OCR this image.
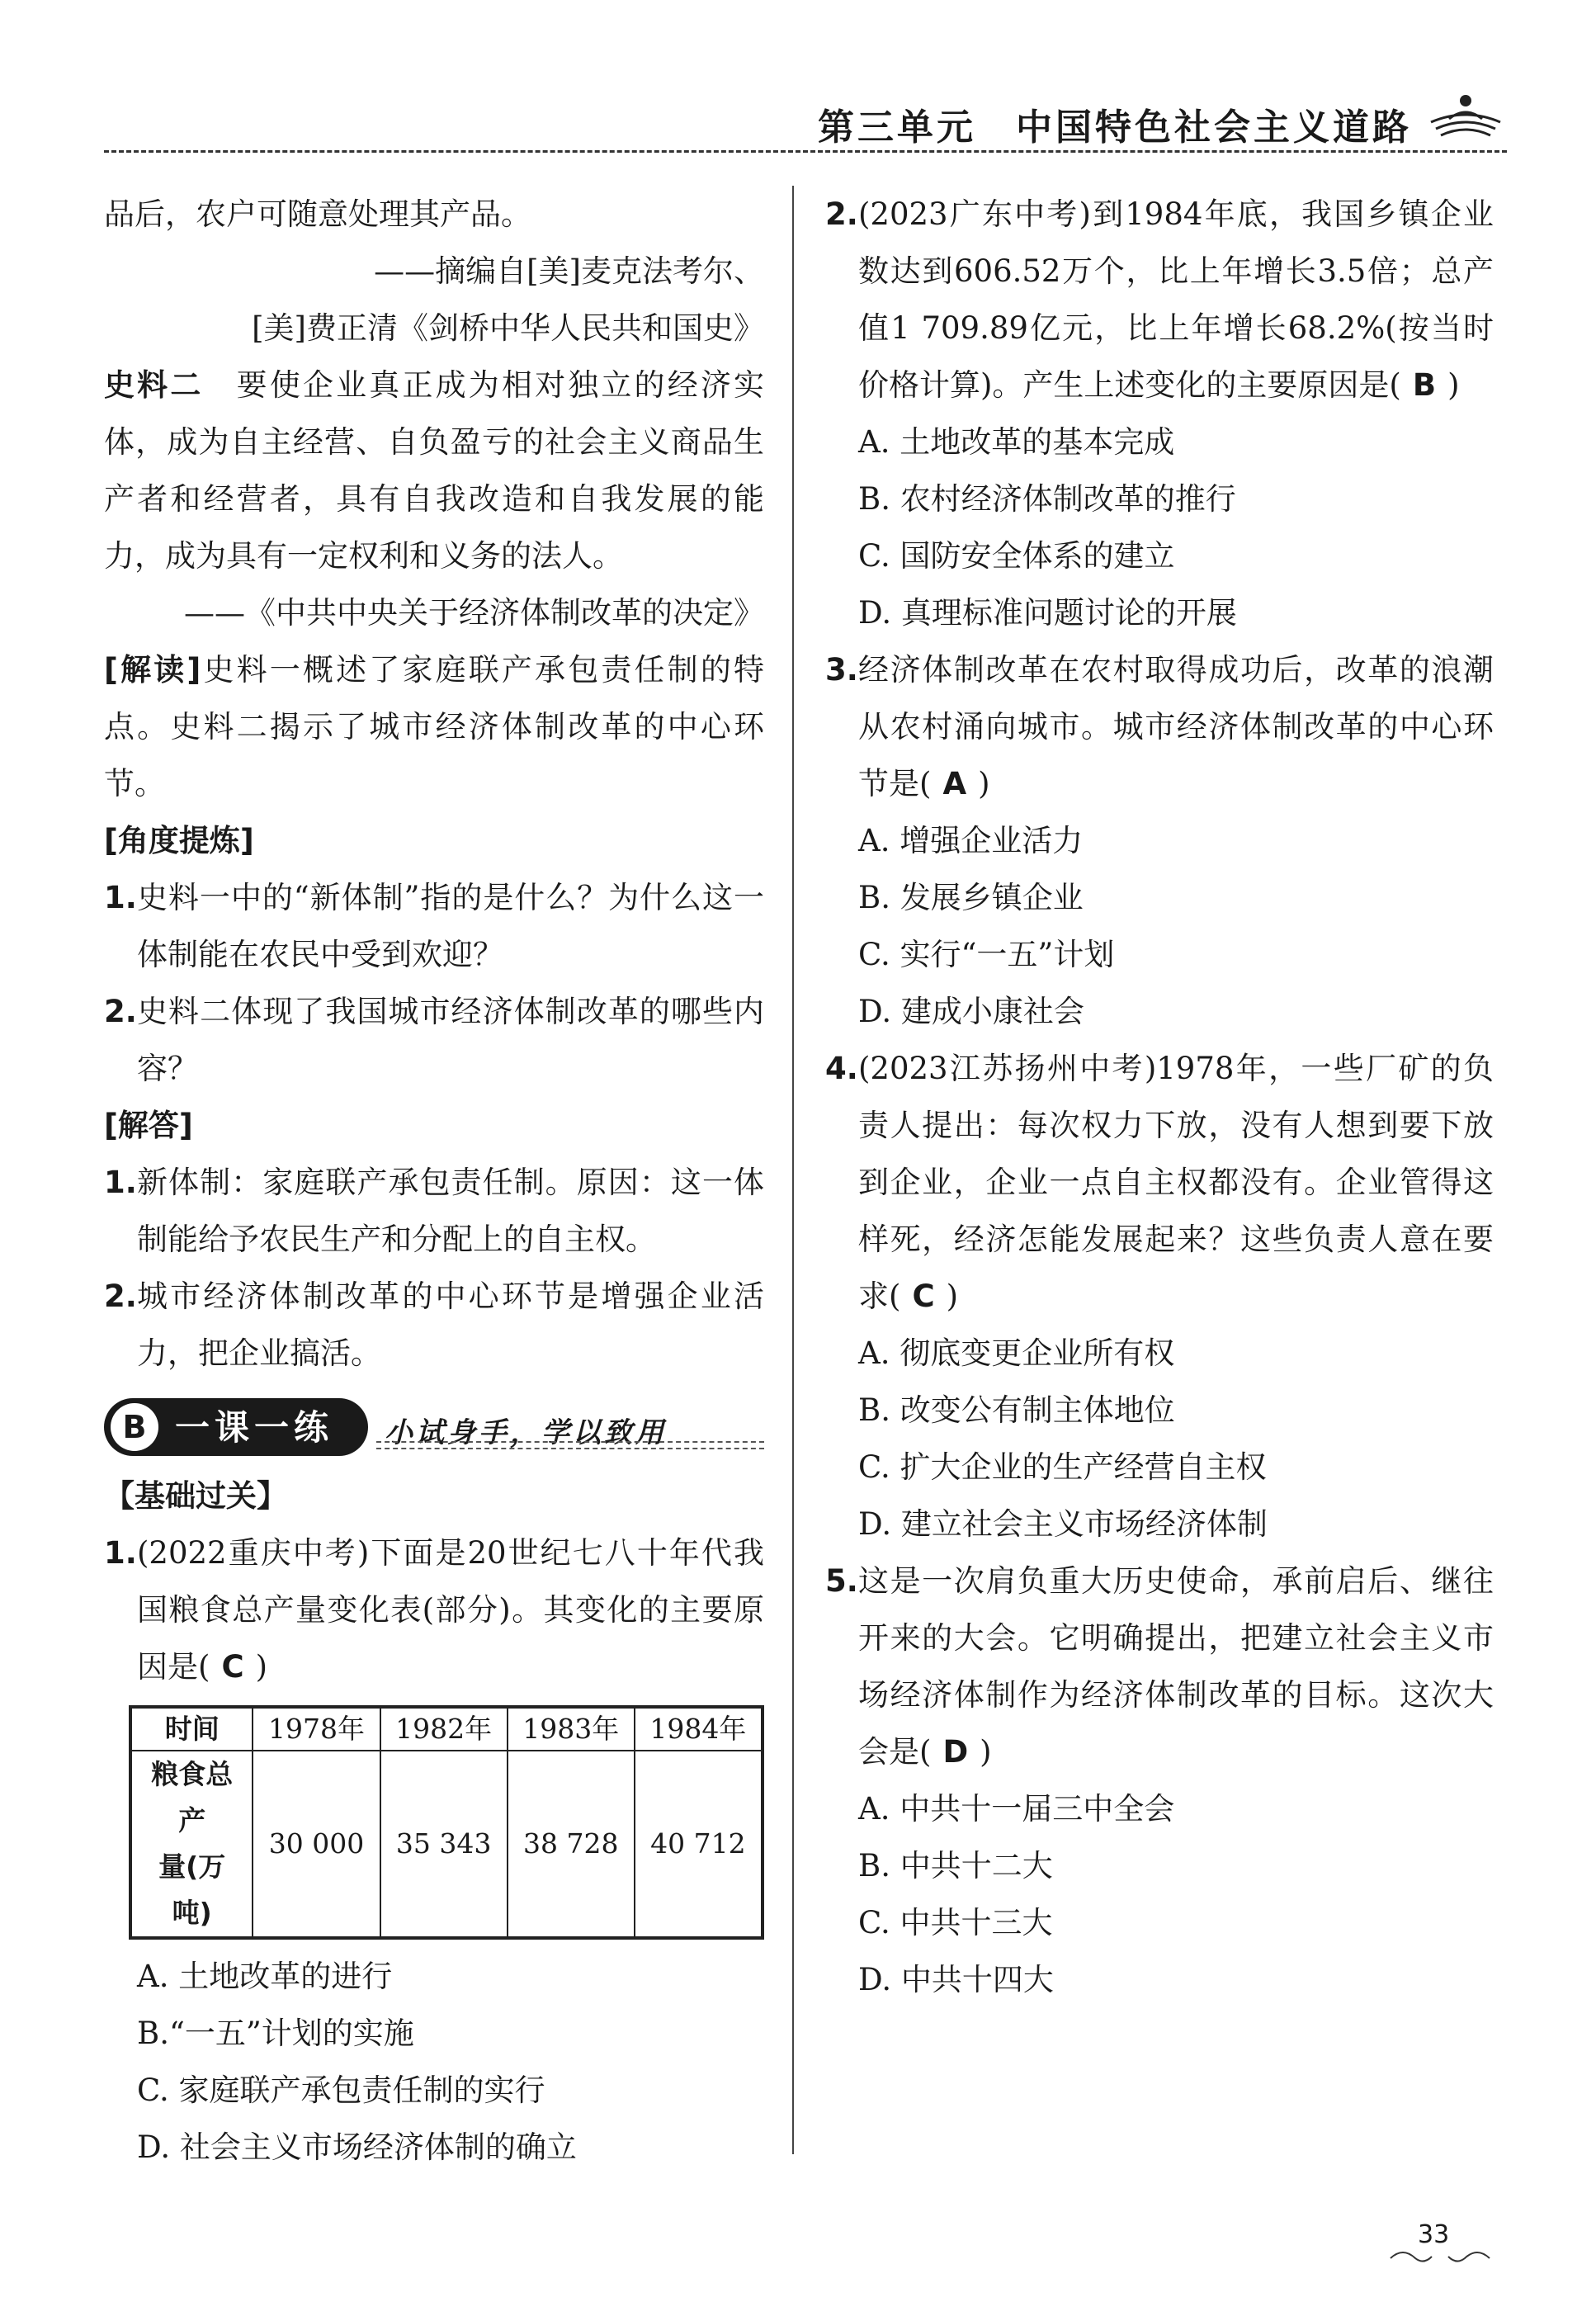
第三单元　中国特色社会主义道路

品后，农户可随意处理其产品。

——摘编自[美]麦克法考尔、

[美]费正清《剑桥中华人民共和国史》

史料二　 要使企业真正成为相对独立的经济实体，成为自主经营、自负盈亏的社会主义商品生产者和经营者，具有自我改造和自我发展的能力，成为具有一定权利和义务的法人。

——《中共中央关于经济体制改革的决定》

[解读]史料一概述了家庭联产承包责任制的特点。史料二揭示了城市经济体制改革的中心环节。

[角度提炼]

1. 史料一中的“新体制”指的是什么？为什么这一体制能在农民中受到欢迎？
2. 史料二体现了我国城市经济体制改革的哪些内容？

[解答]

1. 新体制：家庭联产承包责任制。原因：这一体制能给予农民生产和分配上的自主权。
2. 城市经济体制改革的中心环节是增强企业活力，把企业搞活。
B 一课一练 小试身手，学以致用

【基础过关】

1. (2022重庆中考)下面是20世纪七八十年代我国粮食总产量变化表(部分)。其变化的主要原因是( C )
时间	1978年	1982年	1983年	1984年
粮食总产
量(万吨)	30 000	35 343	38 728	40 712

A. 土地改革的进行

B.“一五”计划的实施

C. 家庭联产承包责任制的实行

D. 社会主义市场经济体制的确立

2. (2023广东中考)到1984年底，我国乡镇企业数达到606.52万个，比上年增长3.5倍；总产值1 709.89亿元，比上年增长68.2%(按当时价格计算)。产生上述变化的主要原因是( B )

A. 土地改革的基本完成

B. 农村经济体制改革的推行

C. 国防安全体系的建立

D. 真理标准问题讨论的开展

3. 经济体制改革在农村取得成功后，改革的浪潮从农村涌向城市。城市经济体制改革的中心环节是( A )

A. 增强企业活力

B. 发展乡镇企业

C. 实行“一五”计划

D. 建成小康社会

4. (2023江苏扬州中考)1978年，一些厂矿的负责人提出：每次权力下放，没有人想到要下放到企业，企业一点自主权都没有。企业管得这样死，经济怎能发展起来？这些负责人意在要求( C )

A. 彻底变更企业所有权

B. 改变公有制主体地位

C. 扩大企业的生产经营自主权

D. 建立社会主义市场经济体制

5. 这是一次肩负重大历史使命，承前启后、继往开来的大会。它明确提出，把建立社会主义市场经济体制作为经济体制改革的目标。这次大会是( D )

A. 中共十一届三中全会

B. 中共十二大

C. 中共十三大

D. 中共十四大

33
